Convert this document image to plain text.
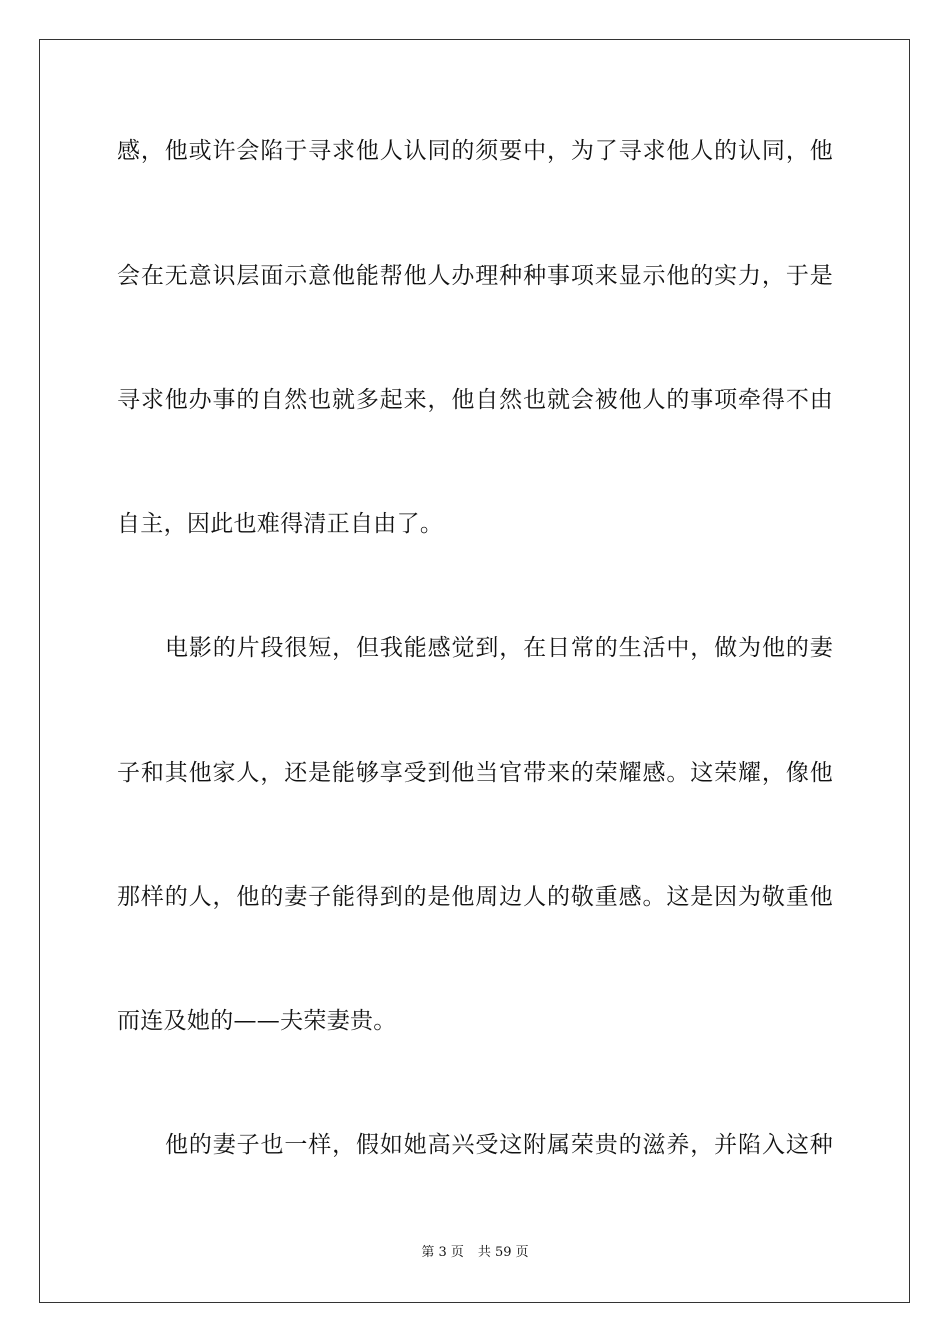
感，他或许会陷于寻求他人认同的须要中，为了寻求他人的认同，他
会在无意识层面示意他能帮他人办理种种事项来显示他的实力，于是
寻求他办事的自然也就多起来，他自然也就会被他人的事项牵得不由
自主，因此也难得清正自由了。
电影的片段很短，但我能感觉到，在日常的生活中，做为他的妻
子和其他家人，还是能够享受到他当官带来的荣耀感。这荣耀，像他
那样的人，他的妻子能得到的是他周边人的敬重感。这是因为敬重他
而连及她的——夫荣妻贵。
他的妻子也一样，假如她高兴受这附属荣贵的滋养，并陷入这种
第 3 页 共 59 页
